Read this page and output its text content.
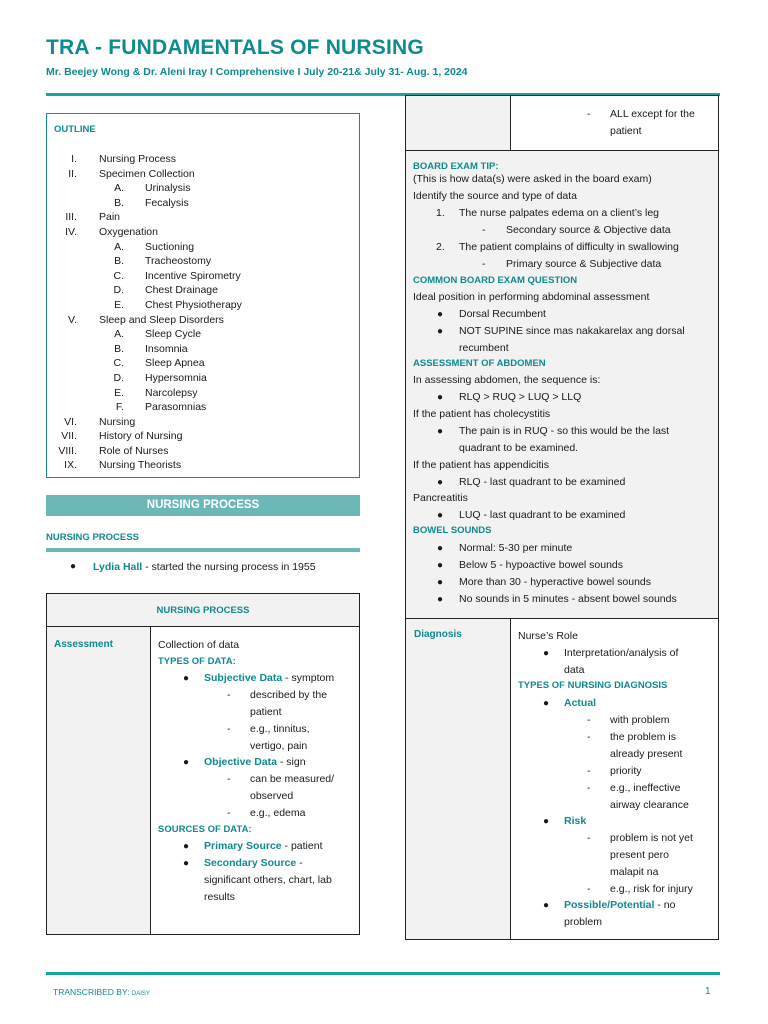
TRA - FUNDAMENTALS OF NURSING
Mr. Beejey Wong & Dr. Aleni Iray I Comprehensive I July 20-21& July 31- Aug. 1, 2024
OUTLINE
I. Nursing Process
II. Specimen Collection
A. Urinalysis
B. Fecalysis
III. Pain
IV. Oxygenation
A. Suctioning
B. Tracheostomy
C. Incentive Spirometry
D. Chest Drainage
E. Chest Physiotherapy
V. Sleep and Sleep Disorders
A. Sleep Cycle
B. Insomnia
C. Sleep Apnea
D. Hypersomnia
E. Narcolepsy
F. Parasomnias
VI. Nursing
VII. History of Nursing
VIII. Role of Nurses
IX. Nursing Theorists
NURSING PROCESS
NURSING PROCESS
● Lydia Hall - started the nursing process in 1955
NURSING PROCESS
Assessment	Collection of data
TYPES OF DATA:
● Subjective Data - symptom
- described by the
patient
- e.g., tinnitus,
vertigo, pain
● Objective Data - sign
- can be measured/
observed
- e.g., edema
SOURCES OF DATA:
● Primary Source - patient
● Secondary Source -
significant others, chart, lab
results
- ALL except for the
patient
BOARD EXAM TIP:
(This is how data(s) were asked in the board exam)
Identify the source and type of data
1. The nurse palpates edema on a client’s leg
- Secondary source & Objective data
2. The patient complains of difficulty in swallowing
- Primary source & Subjective data
COMMON BOARD EXAM QUESTION
Ideal position in performing abdominal assessment
● Dorsal Recumbent
● NOT SUPINE since mas nakakarelax ang dorsal
recumbent
ASSESSMENT OF ABDOMEN
In assessing abdomen, the sequence is:
● RLQ > RUQ > LUQ > LLQ
If the patient has cholecystitis
● The pain is in RUQ - so this would be the last
quadrant to be examined.
If the patient has appendicitis
● RLQ - last quadrant to be examined
Pancreatitis
● LUQ - last quadrant to be examined
BOWEL SOUNDS
● Normal: 5-30 per minute
● Below 5 - hypoactive bowel sounds
● More than 30 - hyperactive bowel sounds
● No sounds in 5 minutes - absent bowel sounds
Diagnosis	Nurse’s Role
● Interpretation/analysis of
data
TYPES OF NURSING DIAGNOSIS
● Actual
- with problem
- the problem is
already present
- priority
- e.g., ineffective
airway clearance
● Risk
- problem is not yet
present pero
malapit na
- e.g., risk for injury
● Possible/Potential - no
problem
TRANSCRIBED BY: DAISY	1
